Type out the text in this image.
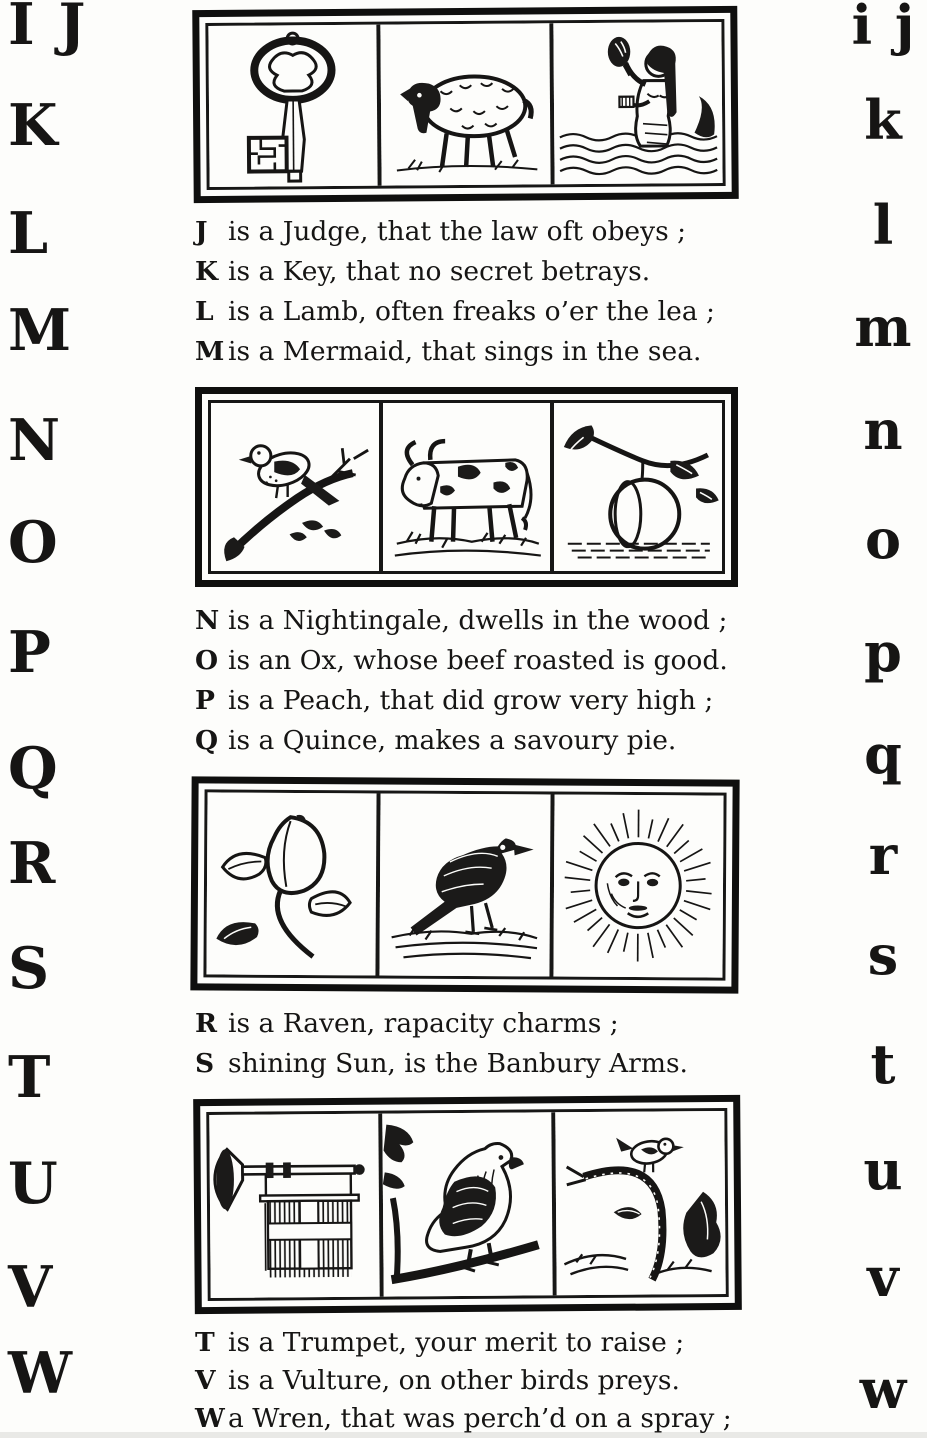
I J
K
L
M
N
O
P
Q
R
S
T
U
V
W
i j
k
l
m
n
o
p
q
r
s
t
u
v
w
J is a Judge, that the law oft obeys ;
K is a Key, that no secret betrays.
L is a Lamb, often freaks o’er the lea ;
M is a Mermaid, that sings in the sea.
N is a Nightingale, dwells in the wood ;
O is an Ox, whose beef roasted is good.
P is a Peach, that did grow very high ;
Q is a Quince, makes a savoury pie.
R is a Raven, rapacity charms ;
S shining Sun, is the Banbury Arms.
T is a Trumpet, your merit to raise ;
V is a Vulture, on other birds preys.
W a Wren, that was perch’d on a spray ;
